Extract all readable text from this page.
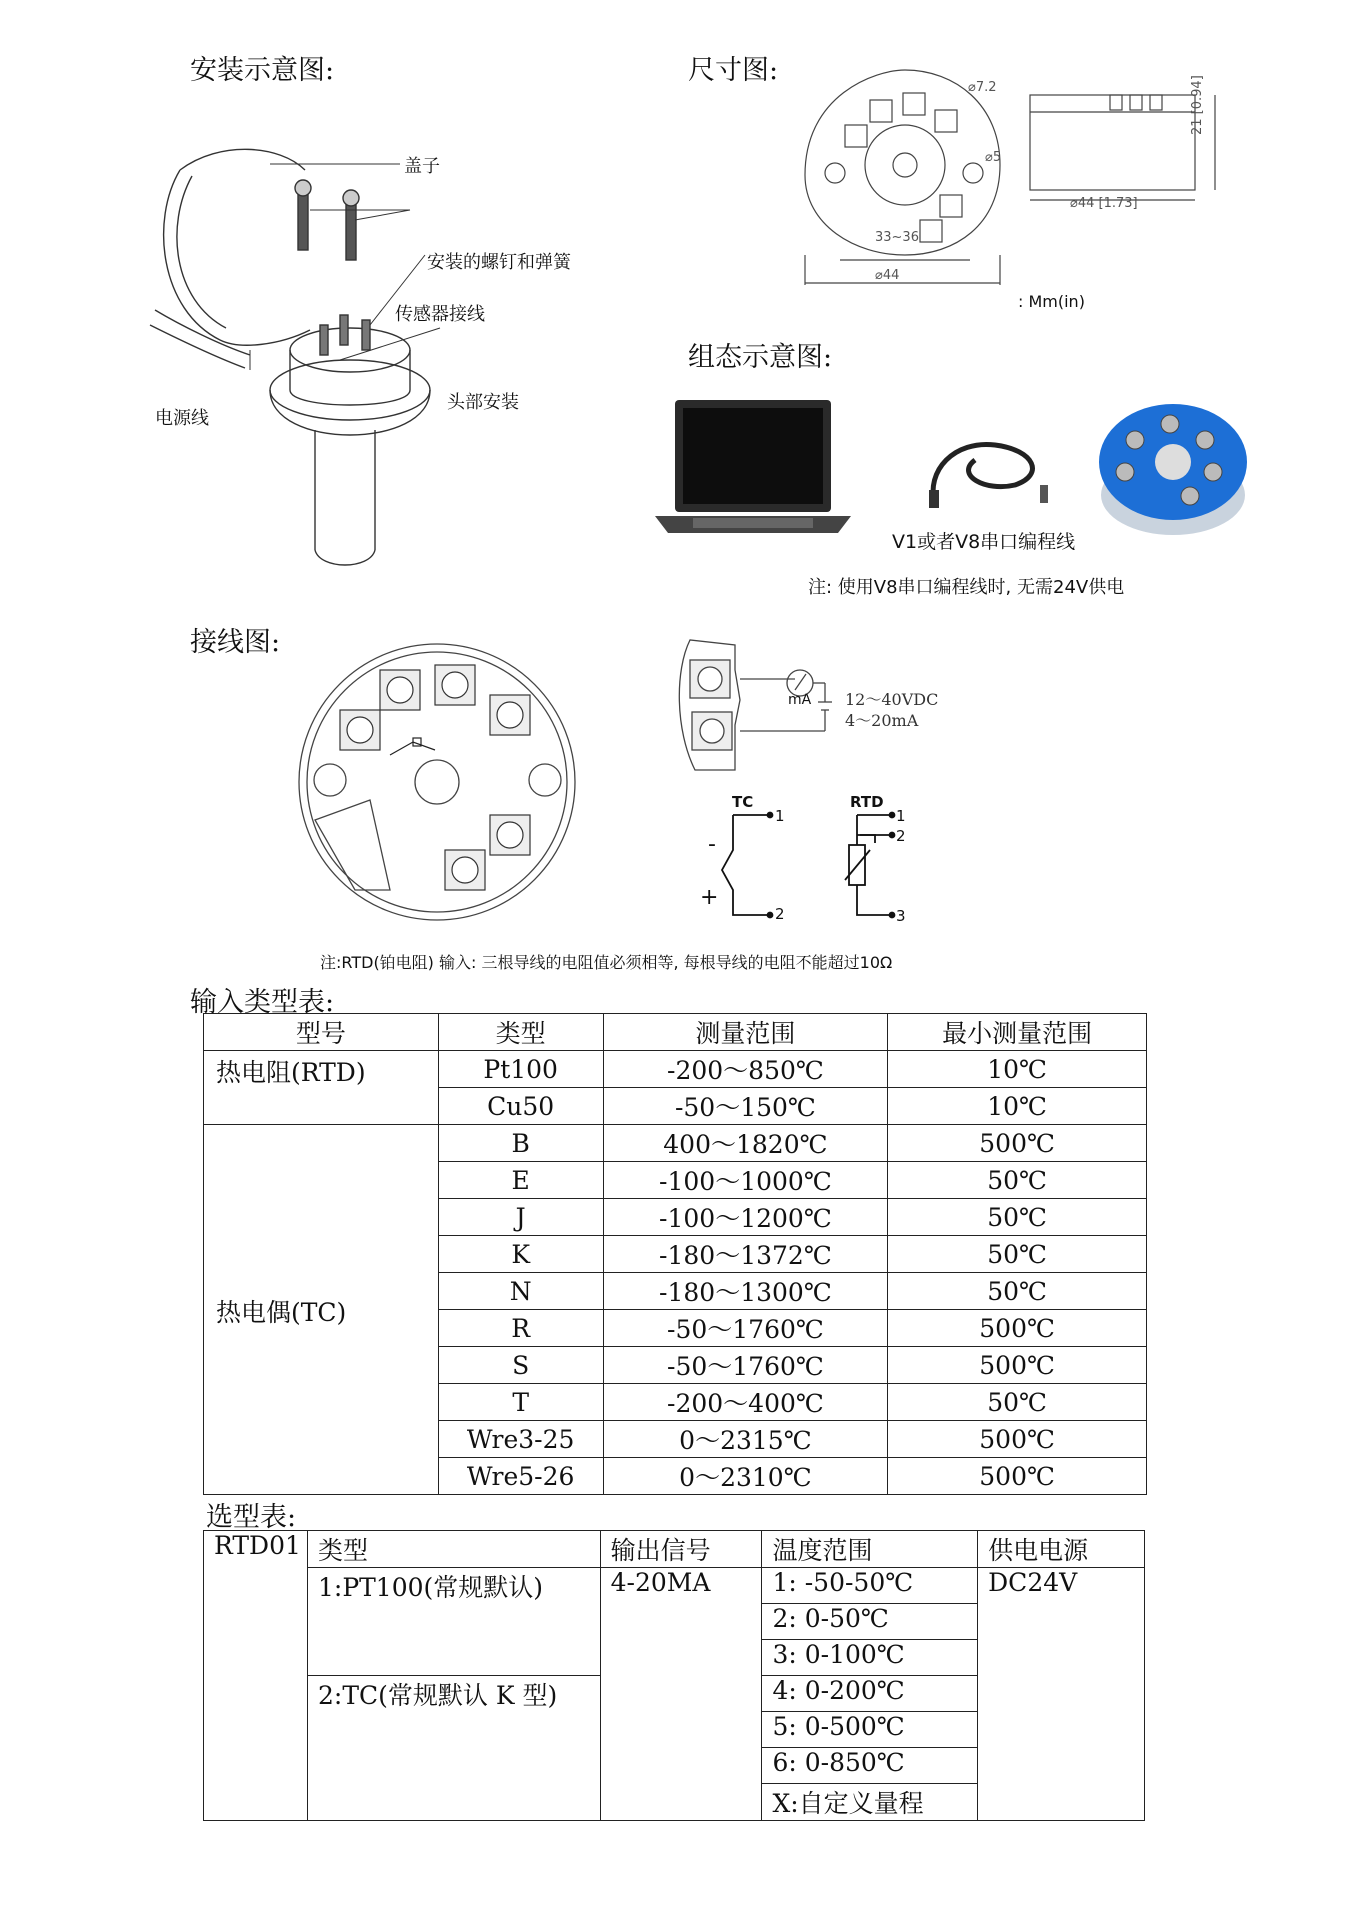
安装示意图:	尺寸图:
组态示意图:
接线图:
输入类型表:
选型表:
盖子
安装的螺钉和弹簧
传感器接线
头部安装
电源线
⌀7.2
⌀5
33~36
⌀44
⌀44 [1.73]
21 [0.94]
: Mm(in)
V1或者V8串口编程线
注: 使用V8串口编程线时, 无需24V供电
mA 12～40VDC
4～20mA
TC
1
2
-
+
RTD
1
2
3
注:RTD(铂电阻) 输入: 三根导线的电阻值必须相等, 每根导线的电阻不能超过10Ω
型号	类型	测量范围	最小测量范围
热电阻(RTD)	Pt100	-200～850℃	10℃
	Cu50	-50～150℃	10℃
热电偶(TC)	B	400～1820℃	500℃
	E	-100～1000℃	50℃
	J	-100～1200℃	50℃
	K	-180～1372℃	50℃
	N	-180～1300℃	50℃
	R	-50～1760℃	500℃
	S	-50～1760℃	500℃
	T	-200～400℃	50℃
	Wre3-25	0～2315℃	500℃
	Wre5-26	0～2310℃	500℃
RTD01	类型	输出信号	温度范围	供电电源
	1:PT100(常规默认)	4-20MA	1: -50-50℃	DC24V
			2: 0-50℃	
			3: 0-100℃	
	2:TC(常规默认 K 型)		4: 0-200℃	
			5: 0-500℃	
			6: 0-850℃	
			X:自定义量程	
